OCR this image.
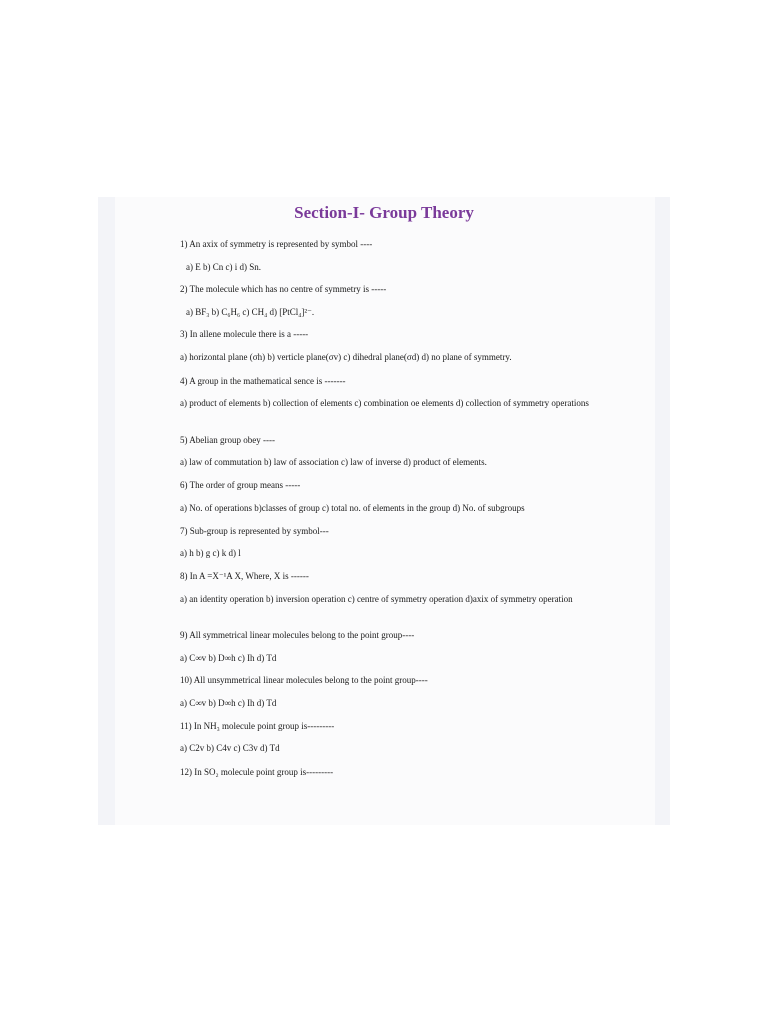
Section-I- Group Theory
1) An axix of symmetry is represented by symbol ----
a) E b) Cn c) i d) Sn.
2) The molecule which has no centre of symmetry is -----
a) BF₃ b) C₆H₆ c) CH₄ d) [PtCl₄]²⁻.
3) In allene molecule there is a -----
a) horizontal plane (σh) b) verticle plane(σv) c) dihedral plane(σd) d) no plane of symmetry.
4) A group in the mathematical sence is -------
a) product of elements b) collection of elements c) combination oe elements d) collection of symmetry operations
5) Abelian group obey ----
a) law of commutation b) law of association c) law of inverse d) product of elements.
6) The order of group means -----
a) No. of operations b)classes of group c) total no. of elements in the group d) No. of subgroups
7) Sub-group is represented by symbol---
a) h b) g c) k d) l
8) In A =X⁻¹A X, Where, X is ------
a) an identity operation b) inversion operation c) centre of symmetry operation d)axix of symmetry operation
9) All symmetrical linear molecules belong to the point group----
a) C∞v b) D∞h c) Ih d) Td
10) All unsymmetrical linear molecules belong to the point group----
a) C∞v b) D∞h c) Ih d) Td
11) In NH₃ molecule point group is---------
a) C2v b) C4v c) C3v d) Td
12) In SO₂ molecule point group is---------
